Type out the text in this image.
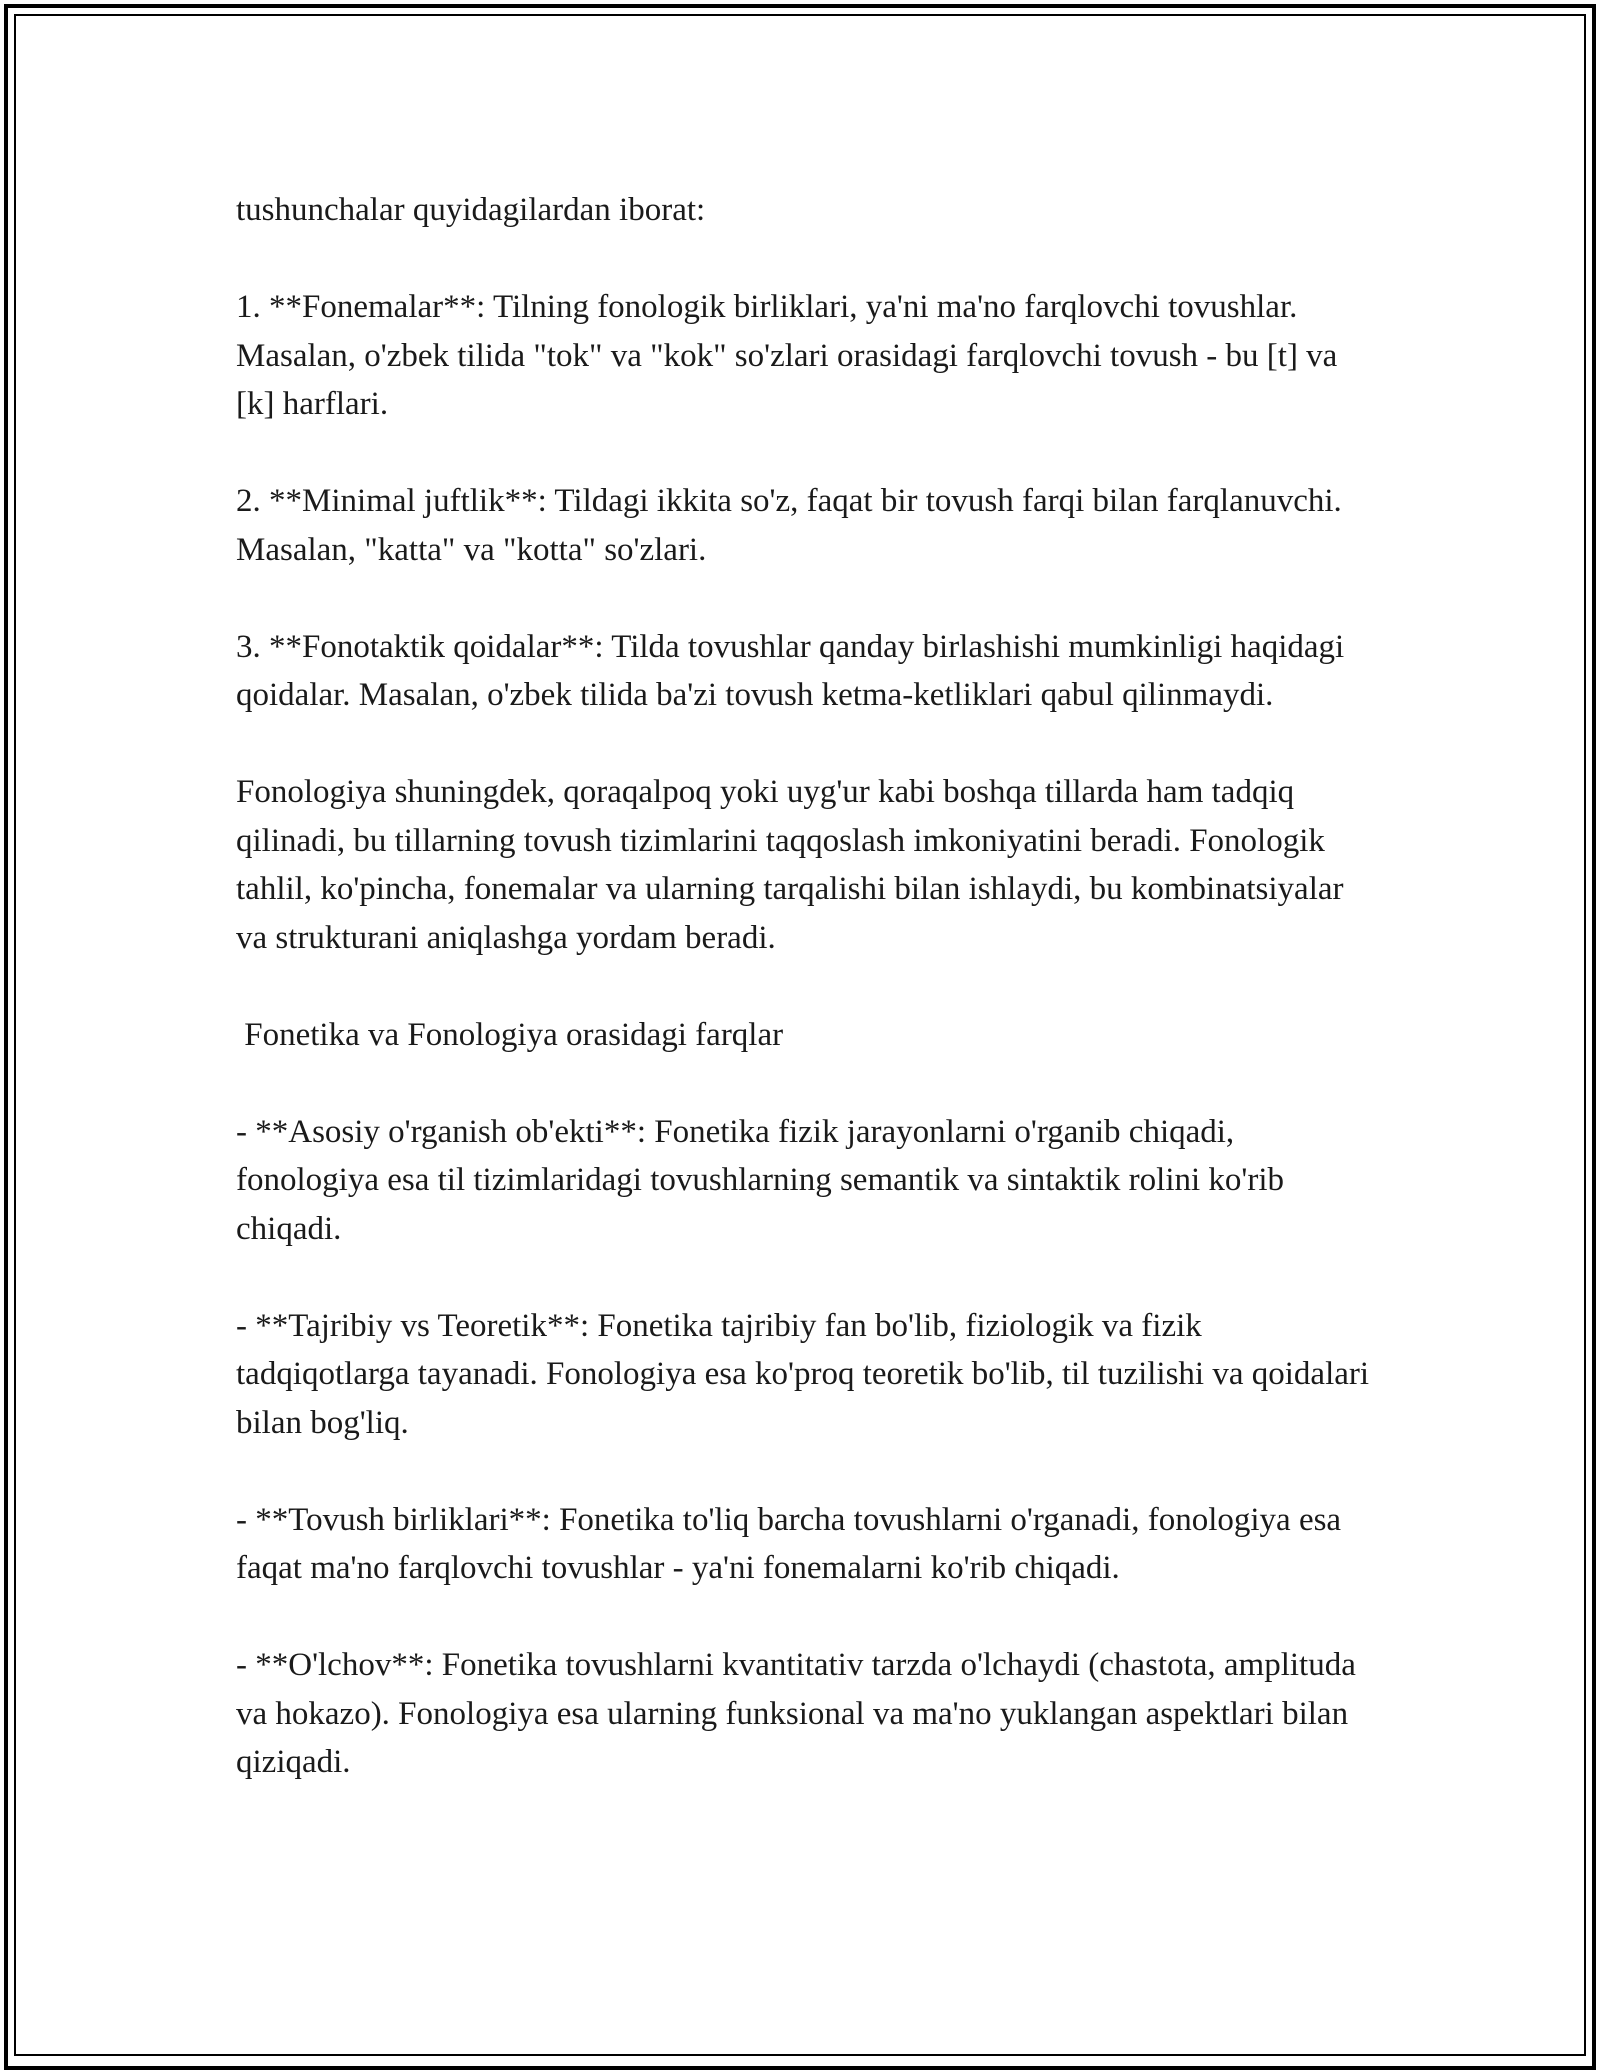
tushunchalar quyidagilardan iborat:

1. **Fonemalar**: Tilning fonologik birliklari, ya'ni ma'no farqlovchi tovushlar. Masalan, o'zbek tilida "tok" va "kok" so'zlari orasidagi farqlovchi tovush - bu [t] va [k] harflari.

2. **Minimal juftlik**: Tildagi ikkita so'z, faqat bir tovush farqi bilan farqlanuvchi. Masalan, "katta" va "kotta" so'zlari.

3. **Fonotaktik qoidalar**: Tilda tovushlar qanday birlashishi mumkinligi haqidagi qoidalar. Masalan, o'zbek tilida ba'zi tovush ketma-ketliklari qabul qilinmaydi.

Fonologiya shuningdek, qoraqalpoq yoki uyg'ur kabi boshqa tillarda ham tadqiq qilinadi, bu tillarning tovush tizimlarini taqqoslash imkoniyatini beradi. Fonologik tahlil, ko'pincha, fonemalar va ularning tarqalishi bilan ishlaydi, bu kombinatsiyalar va strukturani aniqlashga yordam beradi.

Fonetika va Fonologiya orasidagi farqlar

- **Asosiy o'rganish ob'ekti**: Fonetika fizik jarayonlarni o'rganib chiqadi, fonologiya esa til tizimlaridagi tovushlarning semantik va sintaktik rolini ko'rib chiqadi.

- **Tajribiy vs Teoretik**: Fonetika tajribiy fan bo'lib, fiziologik va fizik tadqiqotlarga tayanadi. Fonologiya esa ko'proq teoretik bo'lib, til tuzilishi va qoidalari bilan bog'liq.

- **Tovush birliklari**: Fonetika to'liq barcha tovushlarni o'rganadi, fonologiya esa faqat ma'no farqlovchi tovushlar - ya'ni fonemalarni ko'rib chiqadi.

- **O'lchov**: Fonetika tovushlarni kvantitativ tarzda o'lchaydi (chastota, amplituda va hokazo). Fonologiya esa ularning funksional va ma'no yuklangan aspektlari bilan qiziqadi.
